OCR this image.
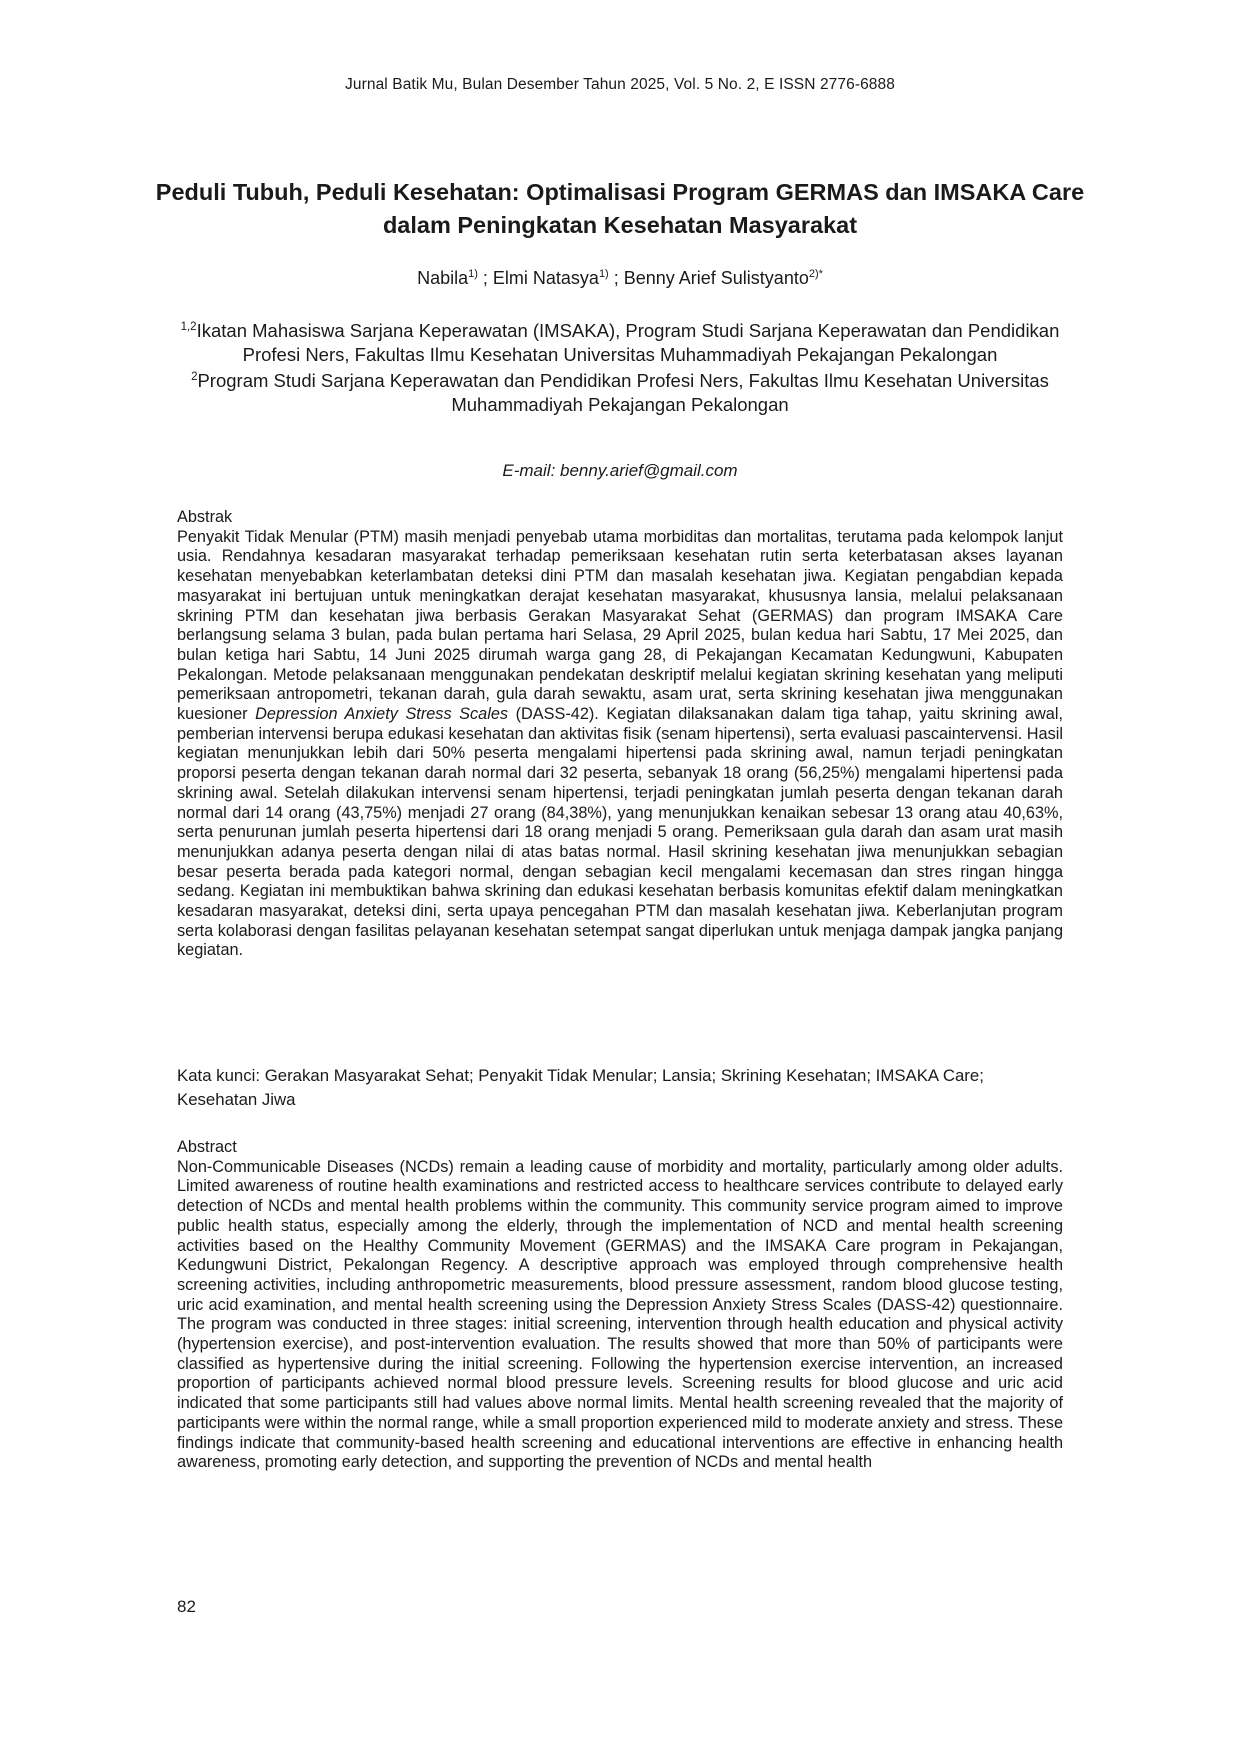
Jurnal Batik Mu, Bulan Desember Tahun 2025, Vol. 5 No. 2, E ISSN 2776-6888
Peduli Tubuh, Peduli Kesehatan: Optimalisasi Program GERMAS dan IMSAKA Care dalam Peningkatan Kesehatan Masyarakat
Nabila$^{1)}$ ; Elmi Natasya$^{1)}$ ; Benny Arief Sulistyanto$^{2)*}$

$^{1,2}$Ikatan Mahasiswa Sarjana Keperawatan (IMSAKA), Program Studi Sarjana Keperawatan dan Pendidikan Profesi Ners, Fakultas Ilmu Kesehatan Universitas Muhammadiyah Pekajangan Pekalongan

$^2$Program Studi Sarjana Keperawatan dan Pendidikan Profesi Ners, Fakultas Ilmu Kesehatan Universitas Muhammadiyah Pekajangan Pekalongan

E-mail: benny.arief@gmail.com

Abstrak

Penyakit Tidak Menular (PTM) masih menjadi penyebab utama morbiditas dan mortalitas, terutama pada kelompok lanjut usia. Rendahnya kesadaran masyarakat terhadap pemeriksaan kesehatan rutin serta keterbatasan akses layanan kesehatan menyebabkan keterlambatan deteksi dini PTM dan masalah kesehatan jiwa. Kegiatan pengabdian kepada masyarakat ini bertujuan untuk meningkatkan derajat kesehatan masyarakat, khususnya lansia, melalui pelaksanaan skrining PTM dan kesehatan jiwa berbasis Gerakan Masyarakat Sehat (GERMAS) dan program IMSAKA Care berlangsung selama 3 bulan, pada bulan pertama hari Selasa, 29 April 2025, bulan kedua hari Sabtu, 17 Mei 2025, dan bulan ketiga hari Sabtu, 14 Juni 2025 dirumah warga gang 28, di Pekajangan Kecamatan Kedungwuni, Kabupaten Pekalongan. Metode pelaksanaan menggunakan pendekatan deskriptif melalui kegiatan skrining kesehatan yang meliputi pemeriksaan antropometri, tekanan darah, gula darah sewaktu, asam urat, serta skrining kesehatan jiwa menggunakan kuesioner Depression Anxiety Stress Scales (DASS-42). Kegiatan dilaksanakan dalam tiga tahap, yaitu skrining awal, pemberian intervensi berupa edukasi kesehatan dan aktivitas fisik (senam hipertensi), serta evaluasi pascaintervensi. Hasil kegiatan menunjukkan lebih dari 50% peserta mengalami hipertensi pada skrining awal, namun terjadi peningkatan proporsi peserta dengan tekanan darah normal dari 32 peserta, sebanyak 18 orang (56,25%) mengalami hipertensi pada skrining awal. Setelah dilakukan intervensi senam hipertensi, terjadi peningkatan jumlah peserta dengan tekanan darah normal dari 14 orang (43,75%) menjadi 27 orang (84,38%), yang menunjukkan kenaikan sebesar 13 orang atau 40,63%, serta penurunan jumlah peserta hipertensi dari 18 orang menjadi 5 orang. Pemeriksaan gula darah dan asam urat masih menunjukkan adanya peserta dengan nilai di atas batas normal. Hasil skrining kesehatan jiwa menunjukkan sebagian besar peserta berada pada kategori normal, dengan sebagian kecil mengalami kecemasan dan stres ringan hingga sedang. Kegiatan ini membuktikan bahwa skrining dan edukasi kesehatan berbasis komunitas efektif dalam meningkatkan kesadaran masyarakat, deteksi dini, serta upaya pencegahan PTM dan masalah kesehatan jiwa. Keberlanjutan program serta kolaborasi dengan fasilitas pelayanan kesehatan setempat sangat diperlukan untuk menjaga dampak jangka panjang kegiatan.

Kata kunci: Gerakan Masyarakat Sehat; Penyakit Tidak Menular; Lansia; Skrining Kesehatan; IMSAKA Care; Kesehatan Jiwa

Abstract

Non-Communicable Diseases (NCDs) remain a leading cause of morbidity and mortality, particularly among older adults. Limited awareness of routine health examinations and restricted access to healthcare services contribute to delayed early detection of NCDs and mental health problems within the community. This community service program aimed to improve public health status, especially among the elderly, through the implementation of NCD and mental health screening activities based on the Healthy Community Movement (GERMAS) and the IMSAKA Care program in Pekajangan, Kedungwuni District, Pekalongan Regency. A descriptive approach was employed through comprehensive health screening activities, including anthropometric measurements, blood pressure assessment, random blood glucose testing, uric acid examination, and mental health screening using the Depression Anxiety Stress Scales (DASS-42) questionnaire. The program was conducted in three stages: initial screening, intervention through health education and physical activity (hypertension exercise), and post-intervention evaluation. The results showed that more than 50% of participants were classified as hypertensive during the initial screening. Following the hypertension exercise intervention, an increased proportion of participants achieved normal blood pressure levels. Screening results for blood glucose and uric acid indicated that some participants still had values above normal limits. Mental health screening revealed that the majority of participants were within the normal range, while a small proportion experienced mild to moderate anxiety and stress. These findings indicate that community-based health screening and educational interventions are effective in enhancing health awareness, promoting early detection, and supporting the prevention of NCDs and mental health

82
